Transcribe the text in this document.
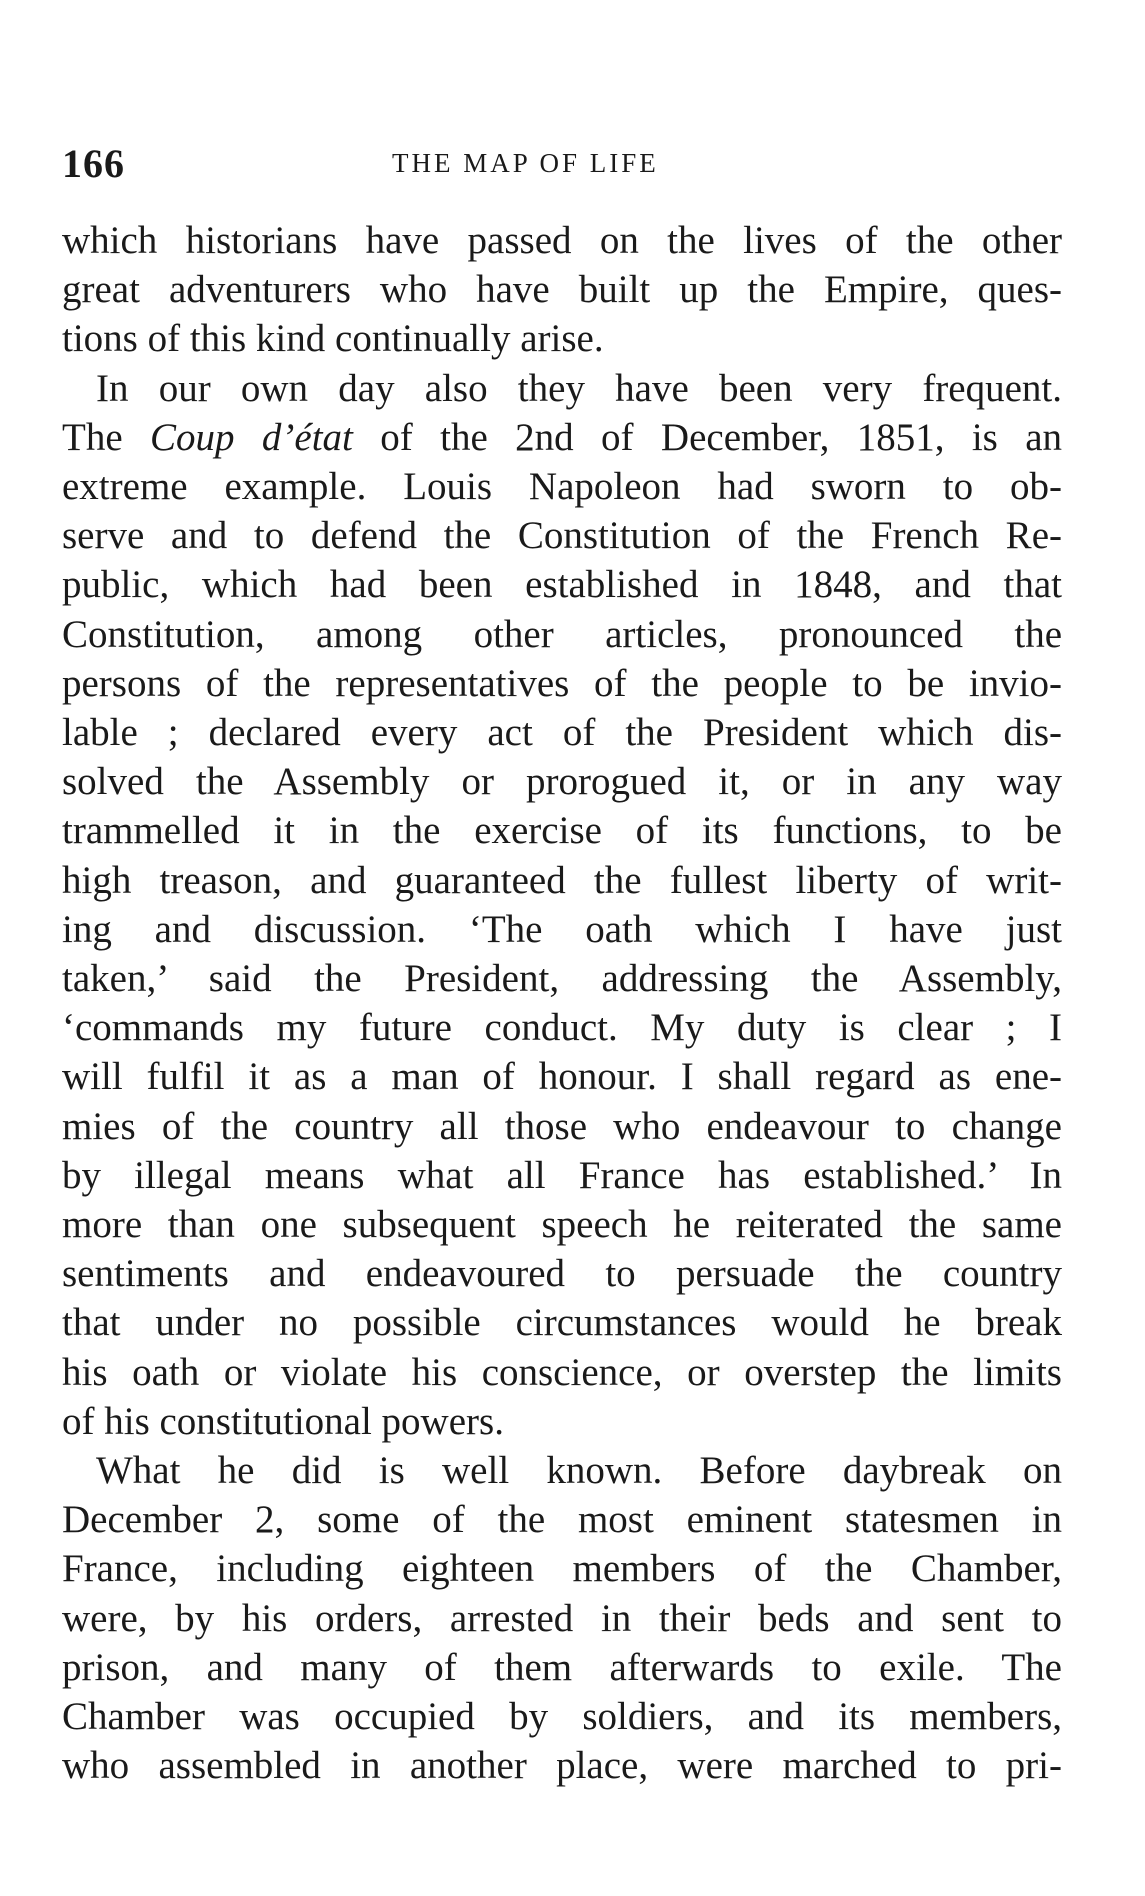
166	THE MAP OF LIFE
which historians have passed on the lives of the other
great adventurers who have built up the Empire, ques-
tions of this kind continually arise.
In our own day also they have been very frequent.
The Coup d’état of the 2nd of December, 1851, is an
extreme example. Louis Napoleon had sworn to ob-
serve and to defend the Constitution of the French Re-
public, which had been established in 1848, and that
Constitution, among other articles, pronounced the
persons of the representatives of the people to be invio-
lable ; declared every act of the President which dis-
solved the Assembly or prorogued it, or in any way
trammelled it in the exercise of its functions, to be
high treason, and guaranteed the fullest liberty of writ-
ing and discussion. ‘The oath which I have just
taken,’ said the President, addressing the Assembly,
‘commands my future conduct. My duty is clear ; I
will fulfil it as a man of honour. I shall regard as ene-
mies of the country all those who endeavour to change
by illegal means what all France has established.’ In
more than one subsequent speech he reiterated the same
sentiments and endeavoured to persuade the country
that under no possible circumstances would he break
his oath or violate his conscience, or overstep the limits
of his constitutional powers.
What he did is well known. Before daybreak on
December 2, some of the most eminent statesmen in
France, including eighteen members of the Chamber,
were, by his orders, arrested in their beds and sent to
prison, and many of them afterwards to exile. The
Chamber was occupied by soldiers, and its members,
who assembled in another place, were marched to pri-
